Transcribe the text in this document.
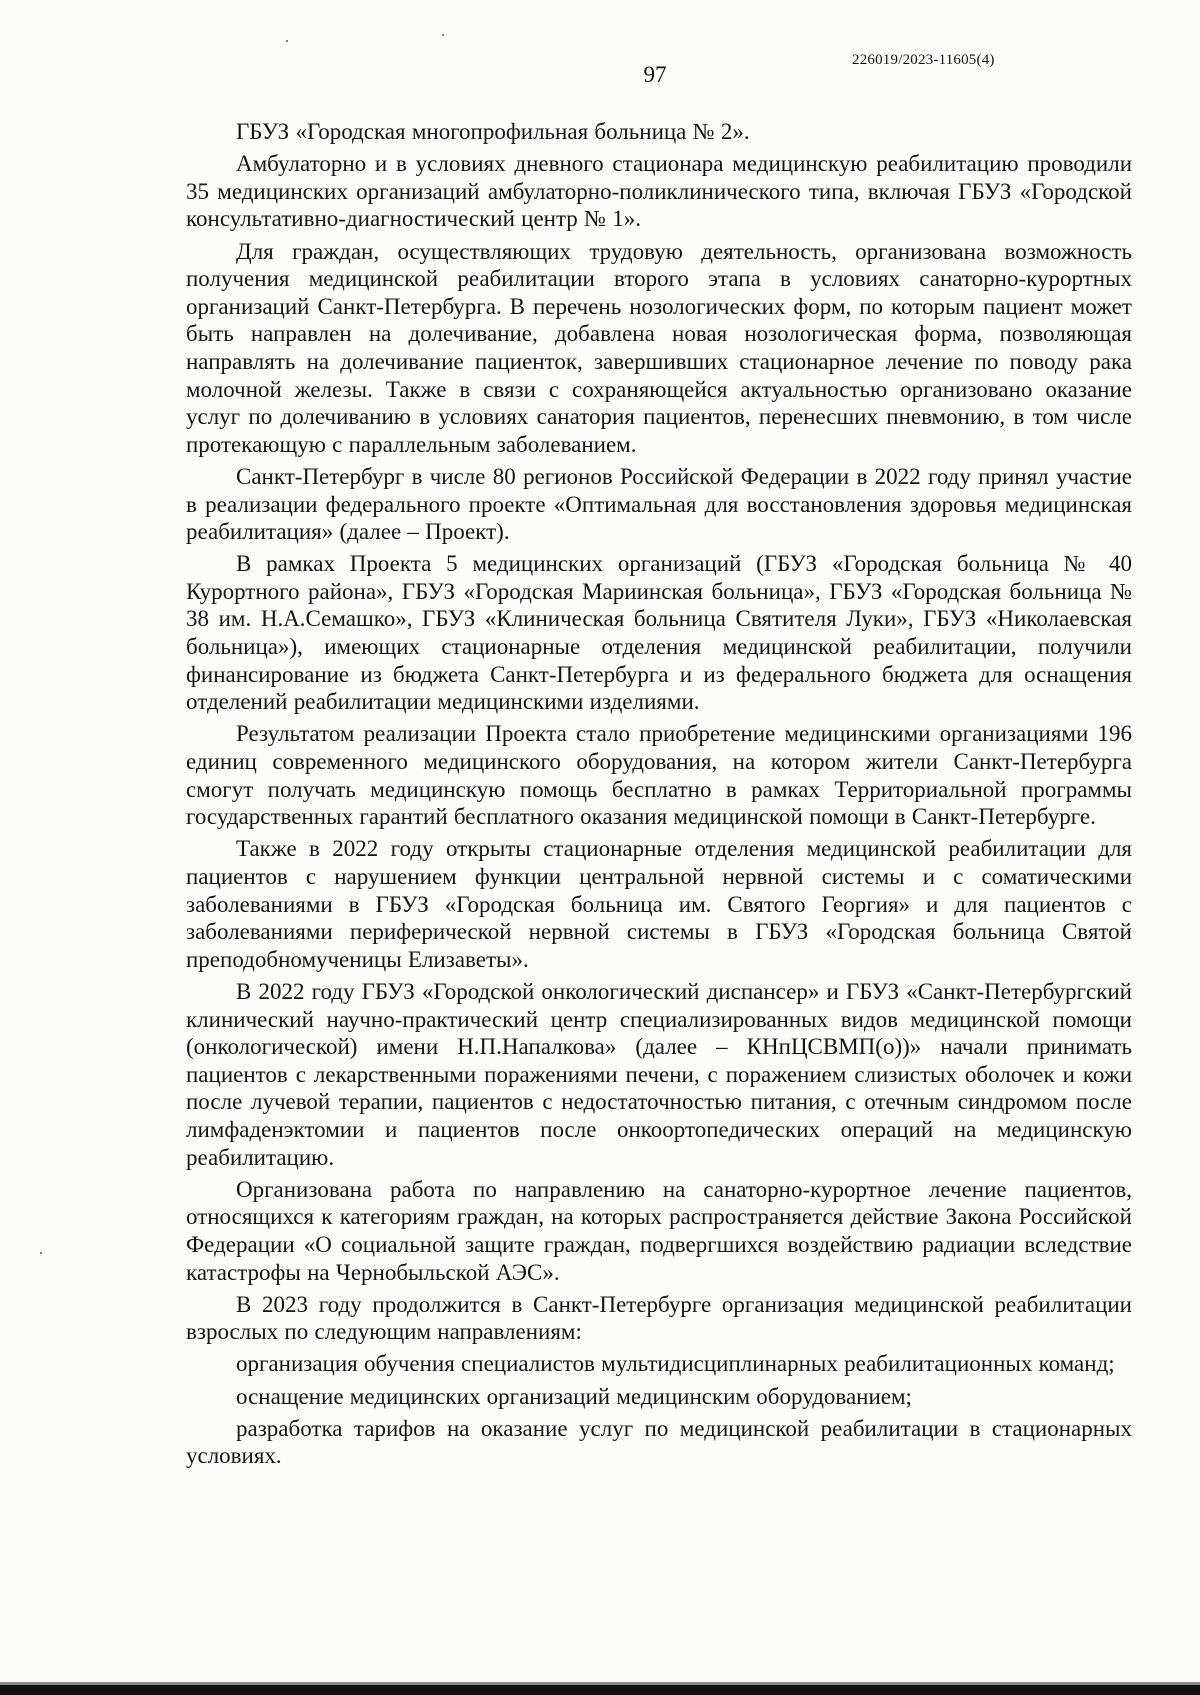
226019/2023-11605(4)
97

ГБУЗ «Городская многопрофильная больница № 2».

Амбулаторно и в условиях дневного стационара медицинскую реабилитацию проводили 35 медицинских организаций амбулаторно-поликлинического типа, включая ГБУЗ «Городской консультативно-диагностический центр № 1».

Для граждан, осуществляющих трудовую деятельность, организована возможность получения медицинской реабилитации второго этапа в условиях санаторно-курортных организаций Санкт-Петербурга. В перечень нозологических форм, по которым пациент может быть направлен на долечивание, добавлена новая нозологическая форма, позволяющая направлять на долечивание пациенток, завершивших стационарное лечение по поводу рака молочной железы. Также в связи с сохраняющейся актуальностью организовано оказание услуг по долечиванию в условиях санатория пациентов, перенесших пневмонию, в том числе протекающую с параллельным заболеванием.

Санкт-Петербург в числе 80 регионов Российской Федерации в 2022 году принял участие в реализации федерального проекте «Оптимальная для восстановления здоровья медицинская реабилитация» (далее – Проект).

В рамках Проекта 5 медицинских организаций (ГБУЗ «Городская больница № 40 Курортного района», ГБУЗ «Городская Мариинская больница», ГБУЗ «Городская больница № 38 им. Н.А.Семашко», ГБУЗ «Клиническая больница Святителя Луки», ГБУЗ «Николаевская больница»), имеющих стационарные отделения медицинской реабилитации, получили финансирование из бюджета Санкт-Петербурга и из федерального бюджета для оснащения отделений реабилитации медицинскими изделиями.

Результатом реализации Проекта стало приобретение медицинскими организациями 196 единиц современного медицинского оборудования, на котором жители Санкт-Петербурга смогут получать медицинскую помощь бесплатно в рамках Территориальной программы государственных гарантий бесплатного оказания медицинской помощи в Санкт-Петербурге.

Также в 2022 году открыты стационарные отделения медицинской реабилитации для пациентов с нарушением функции центральной нервной системы и с соматическими заболеваниями в ГБУЗ «Городская больница им. Святого Георгия» и для пациентов с заболеваниями периферической нервной системы в ГБУЗ «Городская больница Святой преподобномученицы Елизаветы».

В 2022 году ГБУЗ «Городской онкологический диспансер» и ГБУЗ «Санкт-Петербургский клинический научно-практический центр специализированных видов медицинской помощи (онкологической) имени Н.П.Напалкова» (далее – КНпЦСВМП(о))» начали принимать пациентов с лекарственными поражениями печени, с поражением слизистых оболочек и кожи после лучевой терапии, пациентов с недостаточностью питания, с отечным синдромом после лимфаденэктомии и пациентов после онкоортопедических операций на медицинскую реабилитацию.

Организована работа по направлению на санаторно-курортное лечение пациентов, относящихся к категориям граждан, на которых распространяется действие Закона Российской Федерации «О социальной защите граждан, подвергшихся воздействию радиации вследствие катастрофы на Чернобыльской АЭС».

В 2023 году продолжится в Санкт-Петербурге организация медицинской реабилитации взрослых по следующим направлениям:

организация обучения специалистов мультидисциплинарных реабилитационных команд;

оснащение медицинских организаций медицинским оборудованием;

разработка тарифов на оказание услуг по медицинской реабилитации в стационарных условиях.
